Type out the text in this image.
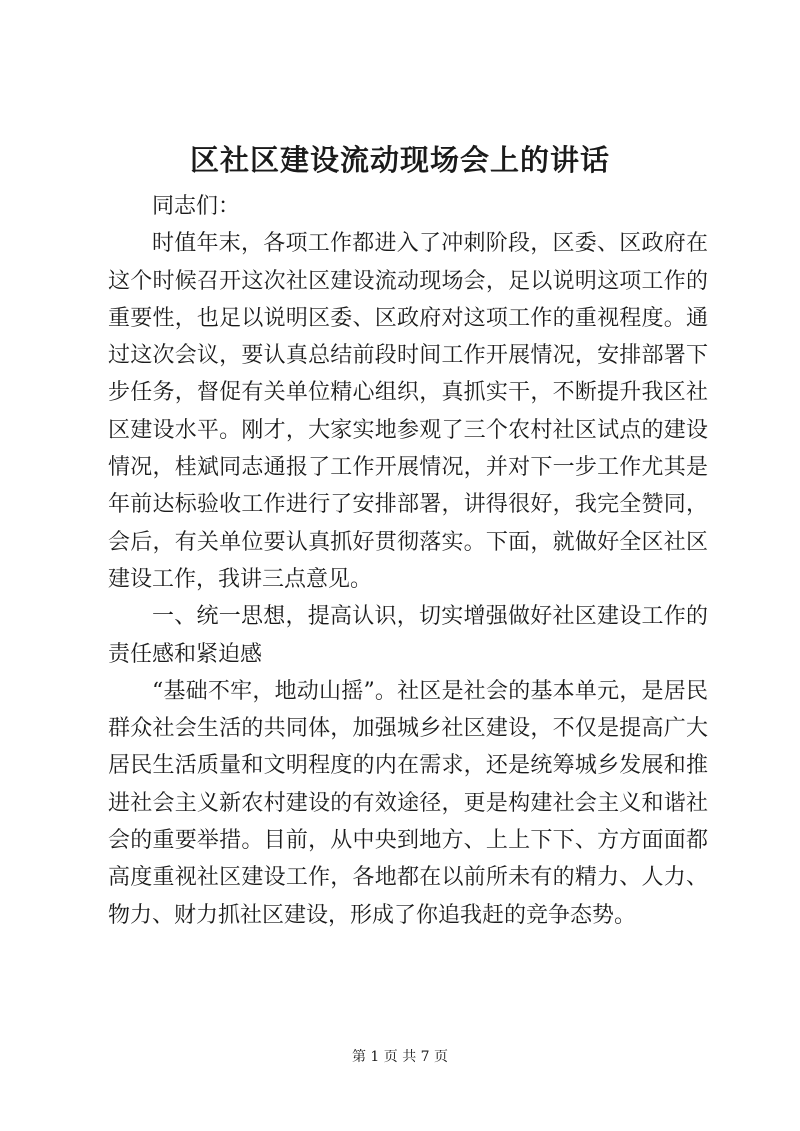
区社区建设流动现场会上的讲话

同志们：

时值年末，各项工作都进入了冲刺阶段，区委、区政府在这个时候召开这次社区建设流动现场会，足以说明这项工作的重要性，也足以说明区委、区政府对这项工作的重视程度。通过这次会议，要认真总结前段时间工作开展情况，安排部署下步任务，督促有关单位精心组织，真抓实干，不断提升我区社区建设水平。刚才，大家实地参观了三个农村社区试点的建设情况，桂斌同志通报了工作开展情况，并对下一步工作尤其是年前达标验收工作进行了安排部署，讲得很好，我完全赞同，会后，有关单位要认真抓好贯彻落实。下面，就做好全区社区建设工作，我讲三点意见。

一、统一思想，提高认识，切实增强做好社区建设工作的责任感和紧迫感

“基础不牢，地动山摇”。社区是社会的基本单元，是居民群众社会生活的共同体，加强城乡社区建设，不仅是提高广大居民生活质量和文明程度的内在需求，还是统筹城乡发展和推进社会主义新农村建设的有效途径，更是构建社会主义和谐社会的重要举措。目前，从中央到地方、上上下下、方方面面都高度重视社区建设工作，各地都在以前所未有的精力、人力、物力、财力抓社区建设，形成了你追我赶的竞争态势。

第 1 页 共 7 页
